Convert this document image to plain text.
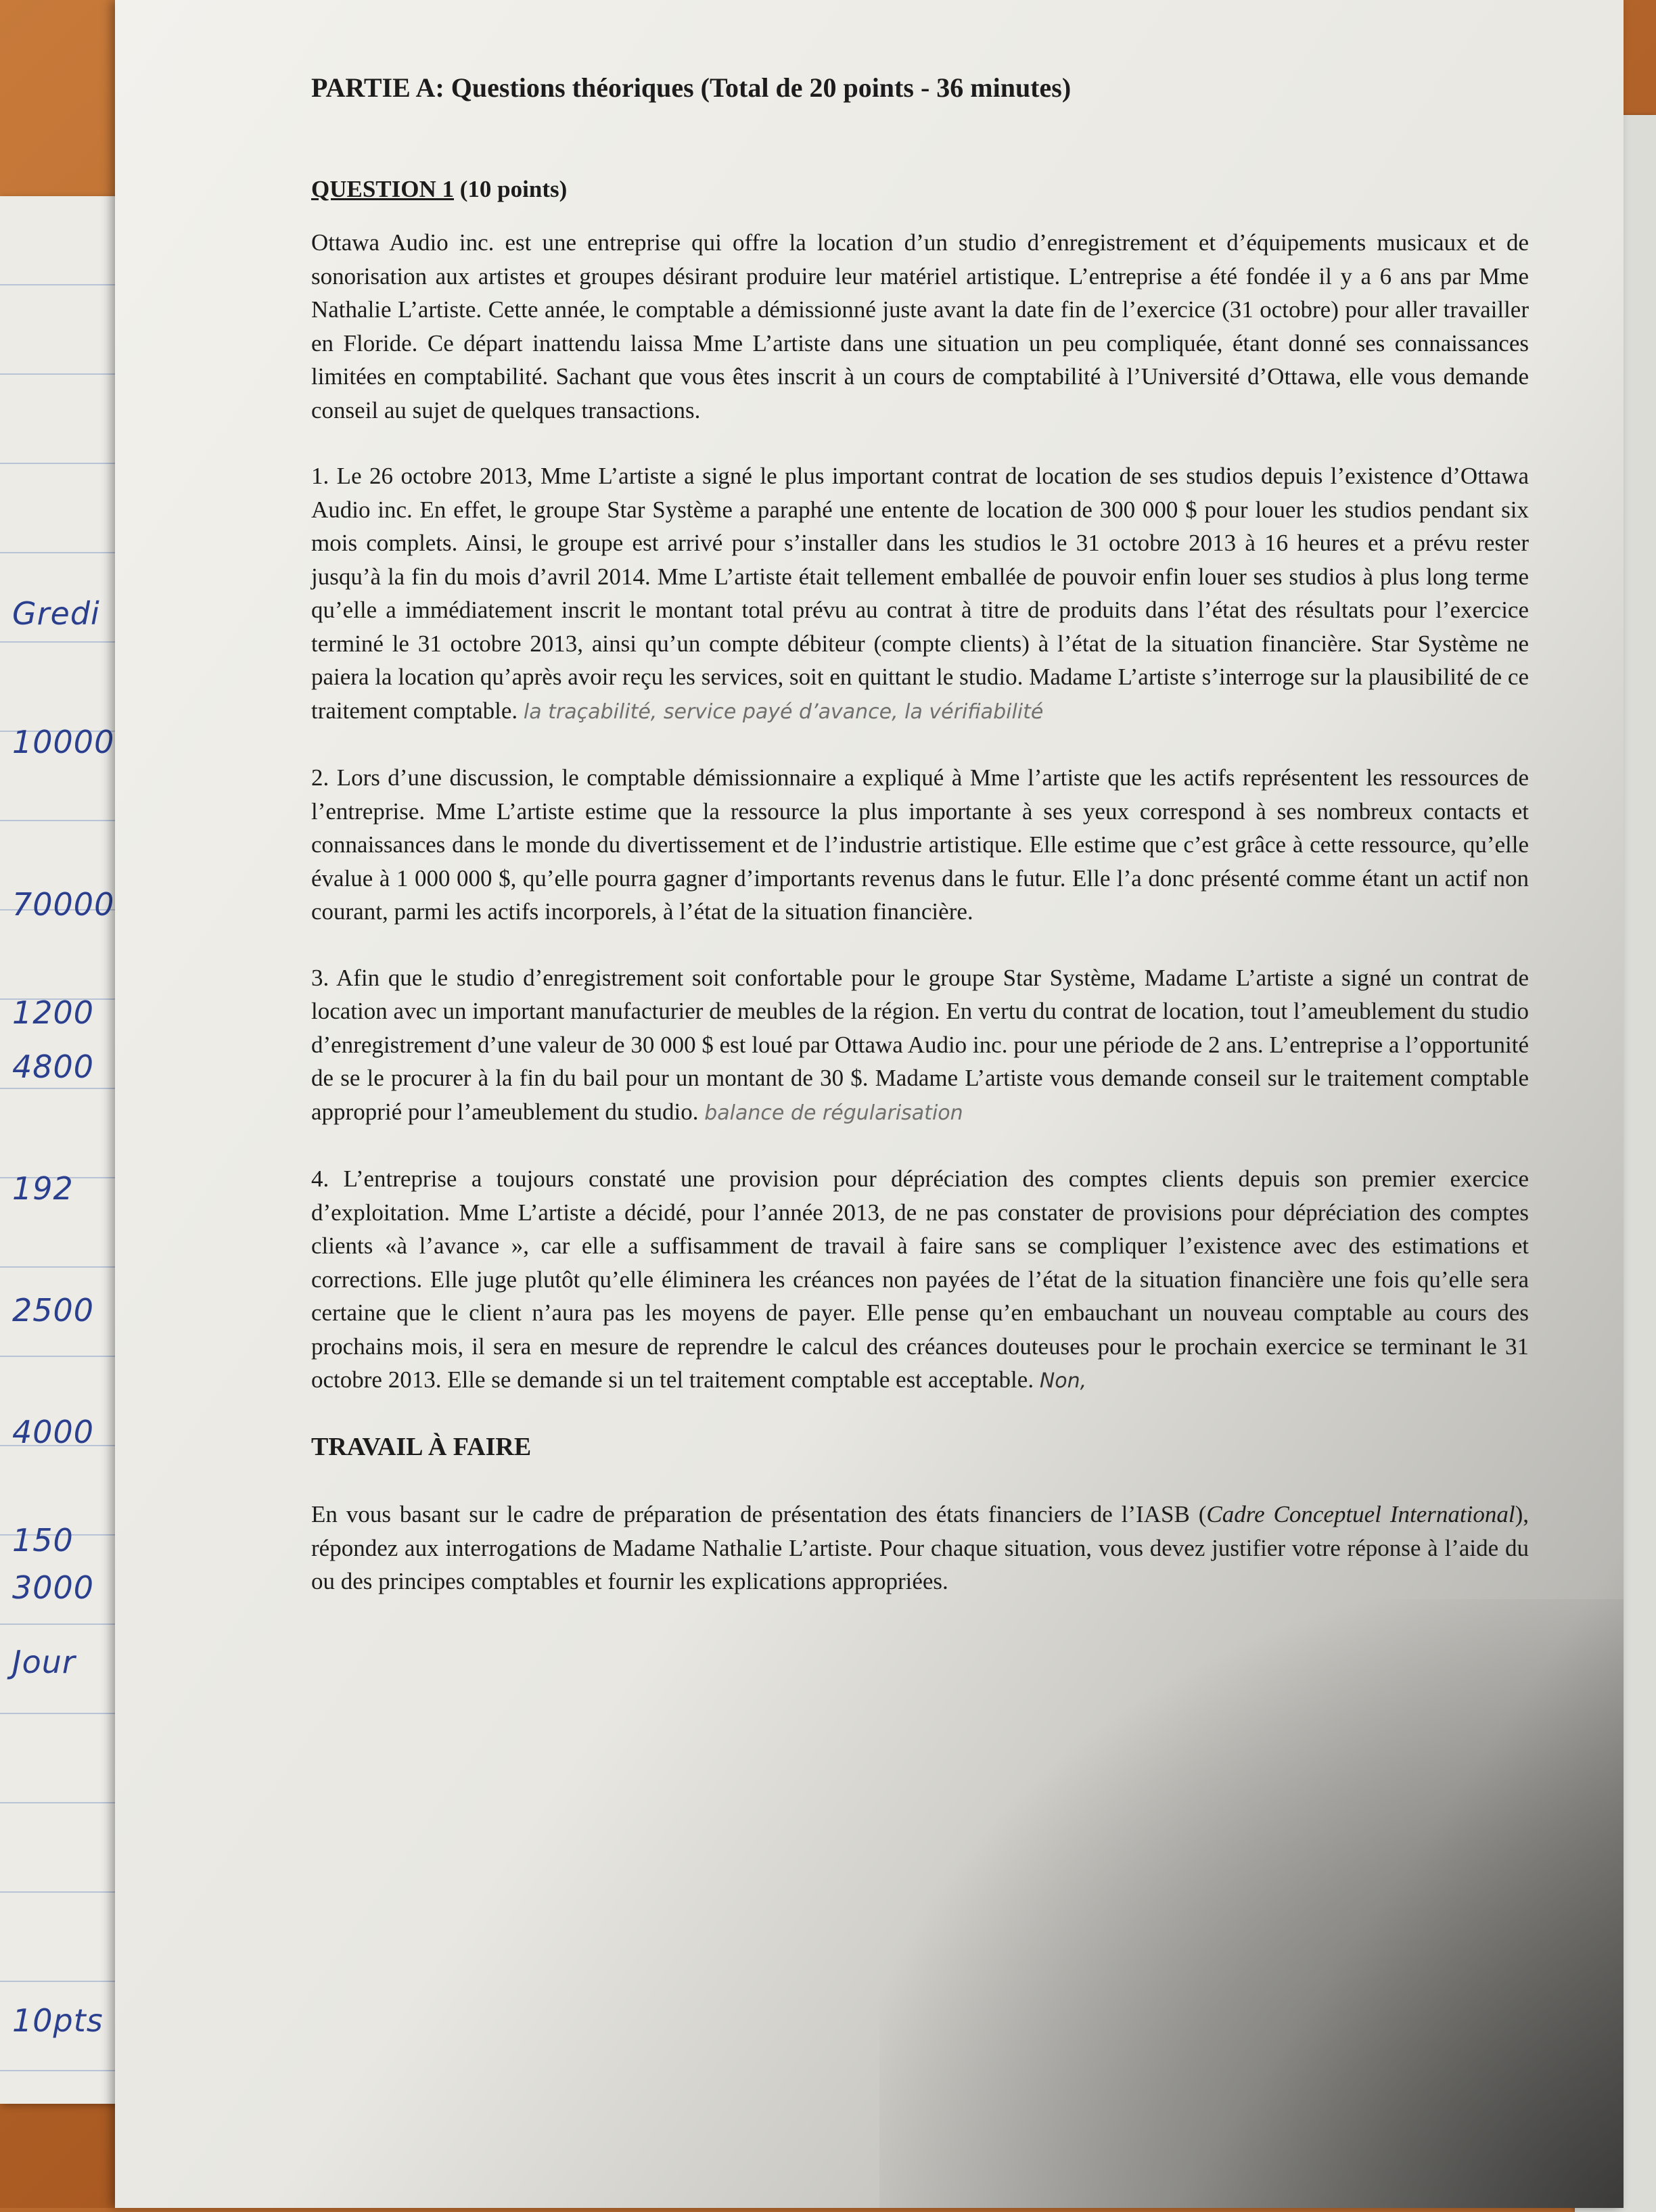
Gredi
10000
70000
1200
4800
192
2500
4000
150
3000
Jour
10pts
PARTIE A: Questions théoriques (Total de 20 points - 36 minutes)
QUESTION 1 (10 points)

Ottawa Audio inc. est une entreprise qui offre la location d’un studio d’enregistrement et d’équipements musicaux et de sonorisation aux artistes et groupes désirant produire leur matériel artistique. L’entreprise a été fondée il y a 6 ans par Mme Nathalie L’artiste. Cette année, le comptable a démissionné juste avant la date fin de l’exercice (31 octobre) pour aller travailler en Floride. Ce départ inattendu laissa Mme L’artiste dans une situation un peu compliquée, étant donné ses connaissances limitées en comptabilité. Sachant que vous êtes inscrit à un cours de comptabilité à l’Université d’Ottawa, elle vous demande conseil au sujet de quelques transactions.

1. Le 26 octobre 2013, Mme L’artiste a signé le plus important contrat de location de ses studios depuis l’existence d’Ottawa Audio inc. En effet, le groupe Star Système a paraphé une entente de location de 300 000 $ pour louer les studios pendant six mois complets. Ainsi, le groupe est arrivé pour s’installer dans les studios le 31 octobre 2013 à 16 heures et a prévu rester jusqu’à la fin du mois d’avril 2014. Mme L’artiste était tellement emballée de pouvoir enfin louer ses studios à plus long terme qu’elle a immédiatement inscrit le montant total prévu au contrat à titre de produits dans l’état des résultats pour l’exercice terminé le 31 octobre 2013, ainsi qu’un compte débiteur (compte clients) à l’état de la situation financière. Star Système ne paiera la location qu’après avoir reçu les services, soit en quittant le studio. Madame L’artiste s’interroge sur la plausibilité de ce traitement comptable. la traçabilité, service payé d’avance, la vérifiabilité

2. Lors d’une discussion, le comptable démissionnaire a expliqué à Mme l’artiste que les actifs représentent les ressources de l’entreprise. Mme L’artiste estime que la ressource la plus importante à ses yeux correspond à ses nombreux contacts et connaissances dans le monde du divertissement et de l’industrie artistique. Elle estime que c’est grâce à cette ressource, qu’elle évalue à 1 000 000 $, qu’elle pourra gagner d’importants revenus dans le futur. Elle l’a donc présenté comme étant un actif non courant, parmi les actifs incorporels, à l’état de la situation financière.

3. Afin que le studio d’enregistrement soit confortable pour le groupe Star Système, Madame L’artiste a signé un contrat de location avec un important manufacturier de meubles de la région. En vertu du contrat de location, tout l’ameublement du studio d’enregistrement d’une valeur de 30 000 $ est loué par Ottawa Audio inc. pour une période de 2 ans. L’entreprise a l’opportunité de se le procurer à la fin du bail pour un montant de 30 $. Madame L’artiste vous demande conseil sur le traitement comptable approprié pour l’ameublement du studio. balance de régularisation

4. L’entreprise a toujours constaté une provision pour dépréciation des comptes clients depuis son premier exercice d’exploitation. Mme L’artiste a décidé, pour l’année 2013, de ne pas constater de provisions pour dépréciation des comptes clients «à l’avance », car elle a suffisamment de travail à faire sans se compliquer l’existence avec des estimations et corrections. Elle juge plutôt qu’elle éliminera les créances non payées de l’état de la situation financière une fois qu’elle sera certaine que le client n’aura pas les moyens de payer. Elle pense qu’en embauchant un nouveau comptable au cours des prochains mois, il sera en mesure de reprendre le calcul des créances douteuses pour le prochain exercice se terminant le 31 octobre 2013. Elle se demande si un tel traitement comptable est acceptable. Non,

TRAVAIL À FAIRE

En vous basant sur le cadre de préparation de présentation des états financiers de l’IASB (Cadre Conceptuel International), répondez aux interrogations de Madame Nathalie L’artiste. Pour chaque situation, vous devez justifier votre réponse à l’aide du ou des principes comptables et fournir les explications appropriées.
